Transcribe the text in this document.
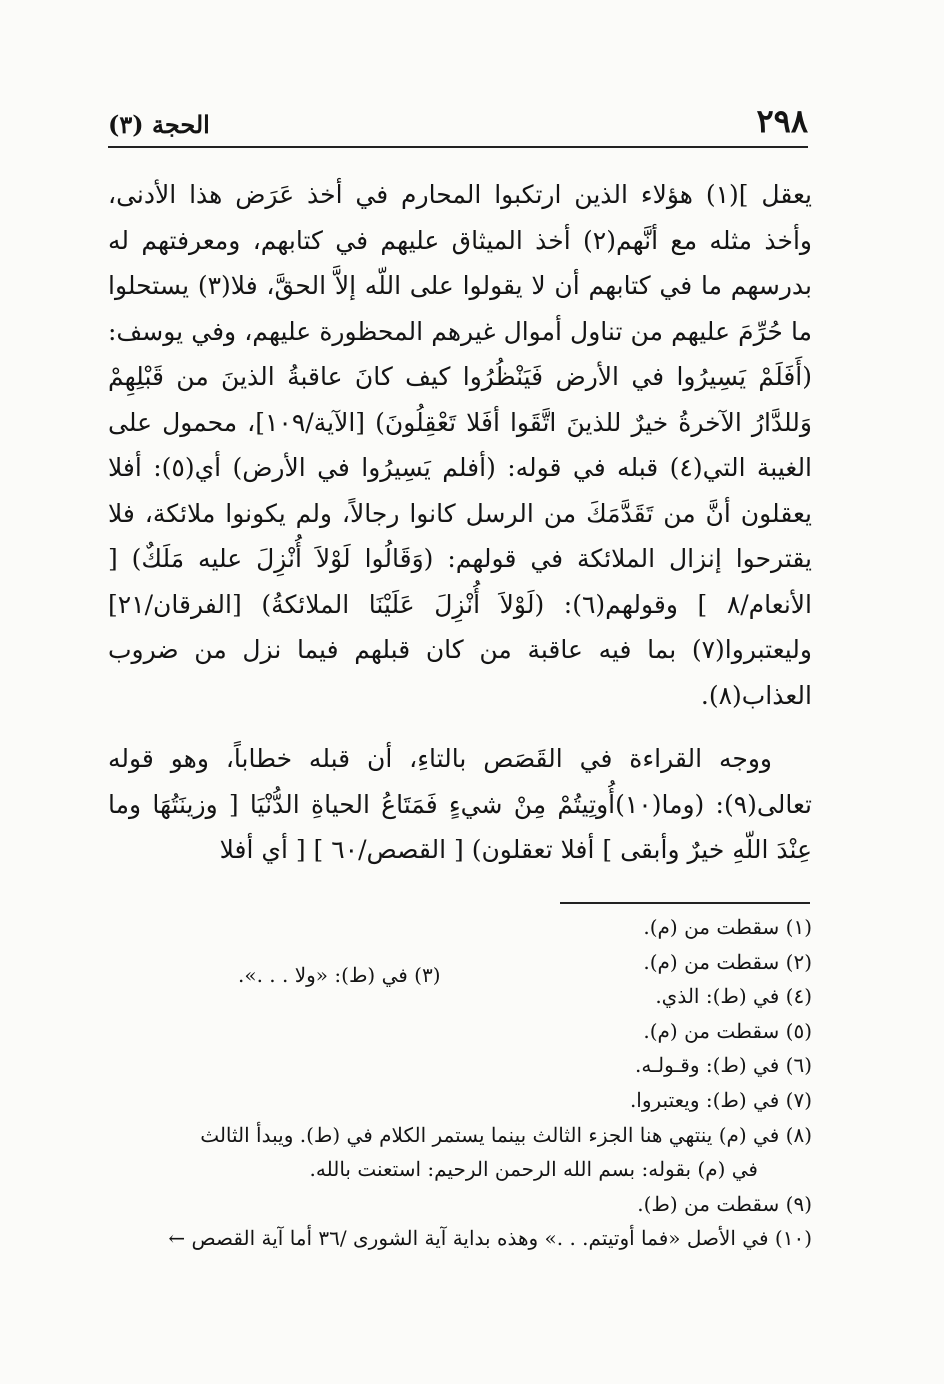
٢٩٨
الحجة (٣)

يعقل ](١) هؤلاء الذين ارتكبوا المحارم في أخذ عَرَض هذا الأدنى، وأخذ مثله مع أنَّهم(٢) أخذ الميثاق عليهم في كتابهم، ومعرفتهم له بدرسهم ما في كتابهم أن لا يقولوا على اللّه إلاَّ الحقَّ، فلا(٣) يستحلوا ما حُرِّمَ عليهم من تناول أموال غيرهم المحظورة عليهم، وفي يوسف: (أَفَلَمْ يَسِيرُوا في الأرض فَيَنْظُرُوا كيف كانَ عاقبةُ الذينَ من قَبْلِهِمْ وَللدَّارُ الآخرةُ خيرٌ للذينَ اتَّقَوا أفَلا تَعْقِلُونَ) [الآية/١٠٩]، محمول على الغيبة التي(٤) قبله في قوله: (أفلم يَسِيرُوا في الأرض) أي(٥): أفلا يعقلون أنَّ من تَقَدَّمَكَ من الرسل كانوا رجالاً، ولم يكونوا ملائكة، فلا يقترحوا إنزال الملائكة في قولهم: (وَقَالُوا لَوْلاَ أُنْزِلَ عليه مَلَكٌ) [ الأنعام/٨ ] وقولهم(٦): (لَوْلاَ أُنْزِلَ عَلَيْنَا الملائكةُ) [الفرقان/٢١] وليعتبروا(٧) بما فيه عاقبة من كان قبلهم فيما نزل من ضروب العذاب(٨).

ووجه القراءة في القَصَص بالتاءِ، أن قبله خطاباً، وهو قوله تعالى(٩): (وما(١٠)أُوتِيتُمْ مِنْ شيءٍ فَمَتَاعُ الحياةِ الدُّنْيَا [ وزينَتُهَا وما عِنْدَ اللّهِ خيرٌ وأبقى ] أفلا تعقلون) [ القصص/٦٠ ] [ أي أفلا

(١) سقطت من (م).

(٢) سقطت من (م).

(٤) في (ط): الذي.

(٥) سقطت من (م).

(٦) في (ط): وقـولـه.

(٧) في (ط): ويعتبروا.

(٨) في (م) ينتهي هنا الجزء الثالث بينما يستمر الكلام في (ط). ويبدأ الثالث

في (م) بقوله: بسم الله الرحمن الرحيم: استعنت بالله.

(٩) سقطت من (ط).

(١٠) في الأصل «فما أوتيتم. . .» وهذه بداية آية الشورى /٣٦ أما آية القصص ←

(٣) في (ط): «ولا . . .».
